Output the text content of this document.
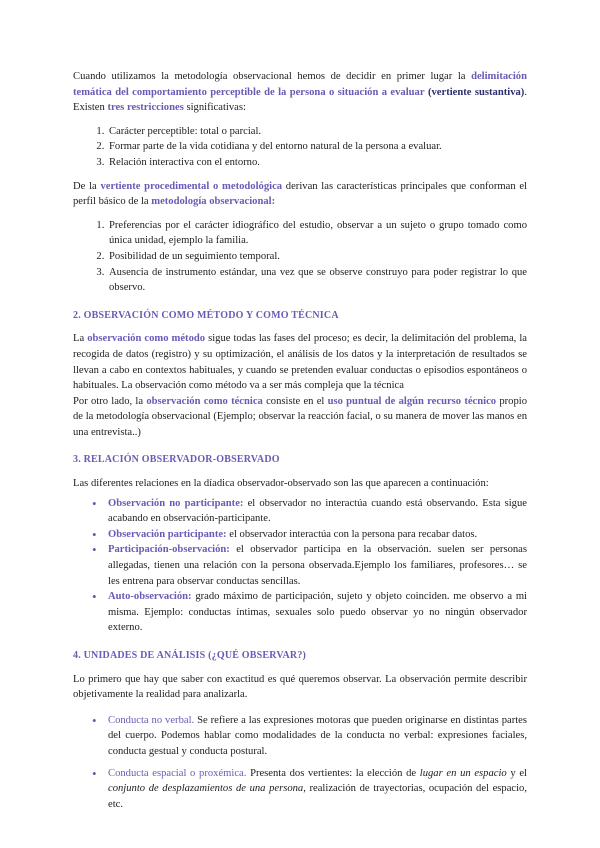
Cuando utilizamos la metodología observacional hemos de decidir en primer lugar la delimitación temática del comportamiento perceptible de la persona o situación a evaluar (vertiente sustantiva). Existen tres restricciones significativas:

1. Carácter perceptible: total o parcial.
2. Formar parte de la vida cotidiana y del entorno natural de la persona a evaluar.
3. Relación interactiva con el entorno.

De la vertiente procedimental o metodológica derivan las características principales que conforman el perfil básico de la metodología observacional:

1. Preferencias por el carácter idiográfico del estudio, observar a un sujeto o grupo tomado como única unidad, ejemplo la familia.
2. Posibilidad de un seguimiento temporal.
3. Ausencia de instrumento estándar, una vez que se observe construyo para poder registrar lo que observo.
2. OBSERVACIÓN COMO MÉTODO Y COMO TÉCNICA

La observación como método sigue todas las fases del proceso; es decir, la delimitación del problema, la recogida de datos (registro) y su optimización, el análisis de los datos y la interpretación de resultados se llevan a cabo en contextos habituales, y cuando se pretenden evaluar conductas o episodios espontáneos o habituales. La observación como método va a ser más compleja que la técnica

Por otro lado, la observación como técnica consiste en el uso puntual de algún recurso técnico propio de la metodología observacional (Ejemplo; observar la reacción facial, o su manera de mover las manos en una entrevista..)

3. RELACIÓN OBSERVADOR-OBSERVADO

Las diferentes relaciones en la díadica observador-observado son las que aparecen a continuación:

• Observación no participante: el observador no interactúa cuando está observando. Esta sigue acabando en observación-participante.
• Observación participante: el observador interactúa con la persona para recabar datos.
• Participación-observación: el observador participa en la observación. suelen ser personas allegadas, tienen una relación con la persona observada.Ejemplo los familiares, profesores… se les entrena para observar conductas sencillas.
• Auto-observación: grado máximo de participación, sujeto y objeto coinciden. me observo a mi misma. Ejemplo: conductas íntimas, sexuales solo puedo observar yo no ningún observador externo.
4. UNIDADES DE ANÁLISIS (¿QUÉ OBSERVAR?)

Lo primero que hay que saber con exactitud es qué queremos observar. La observación permite describir objetivamente la realidad para analizarla.

• Conducta no verbal. Se refiere a las expresiones motoras que pueden originarse en distintas partes del cuerpo. Podemos hablar como modalidades de la conducta no verbal: expresiones faciales, conducta gestual y conducta postural.
• Conducta espacial o proxémica. Presenta dos vertientes: la elección de lugar en un espacio y el conjunto de desplazamientos de una persona, realización de trayectorias, ocupación del espacio, etc.
